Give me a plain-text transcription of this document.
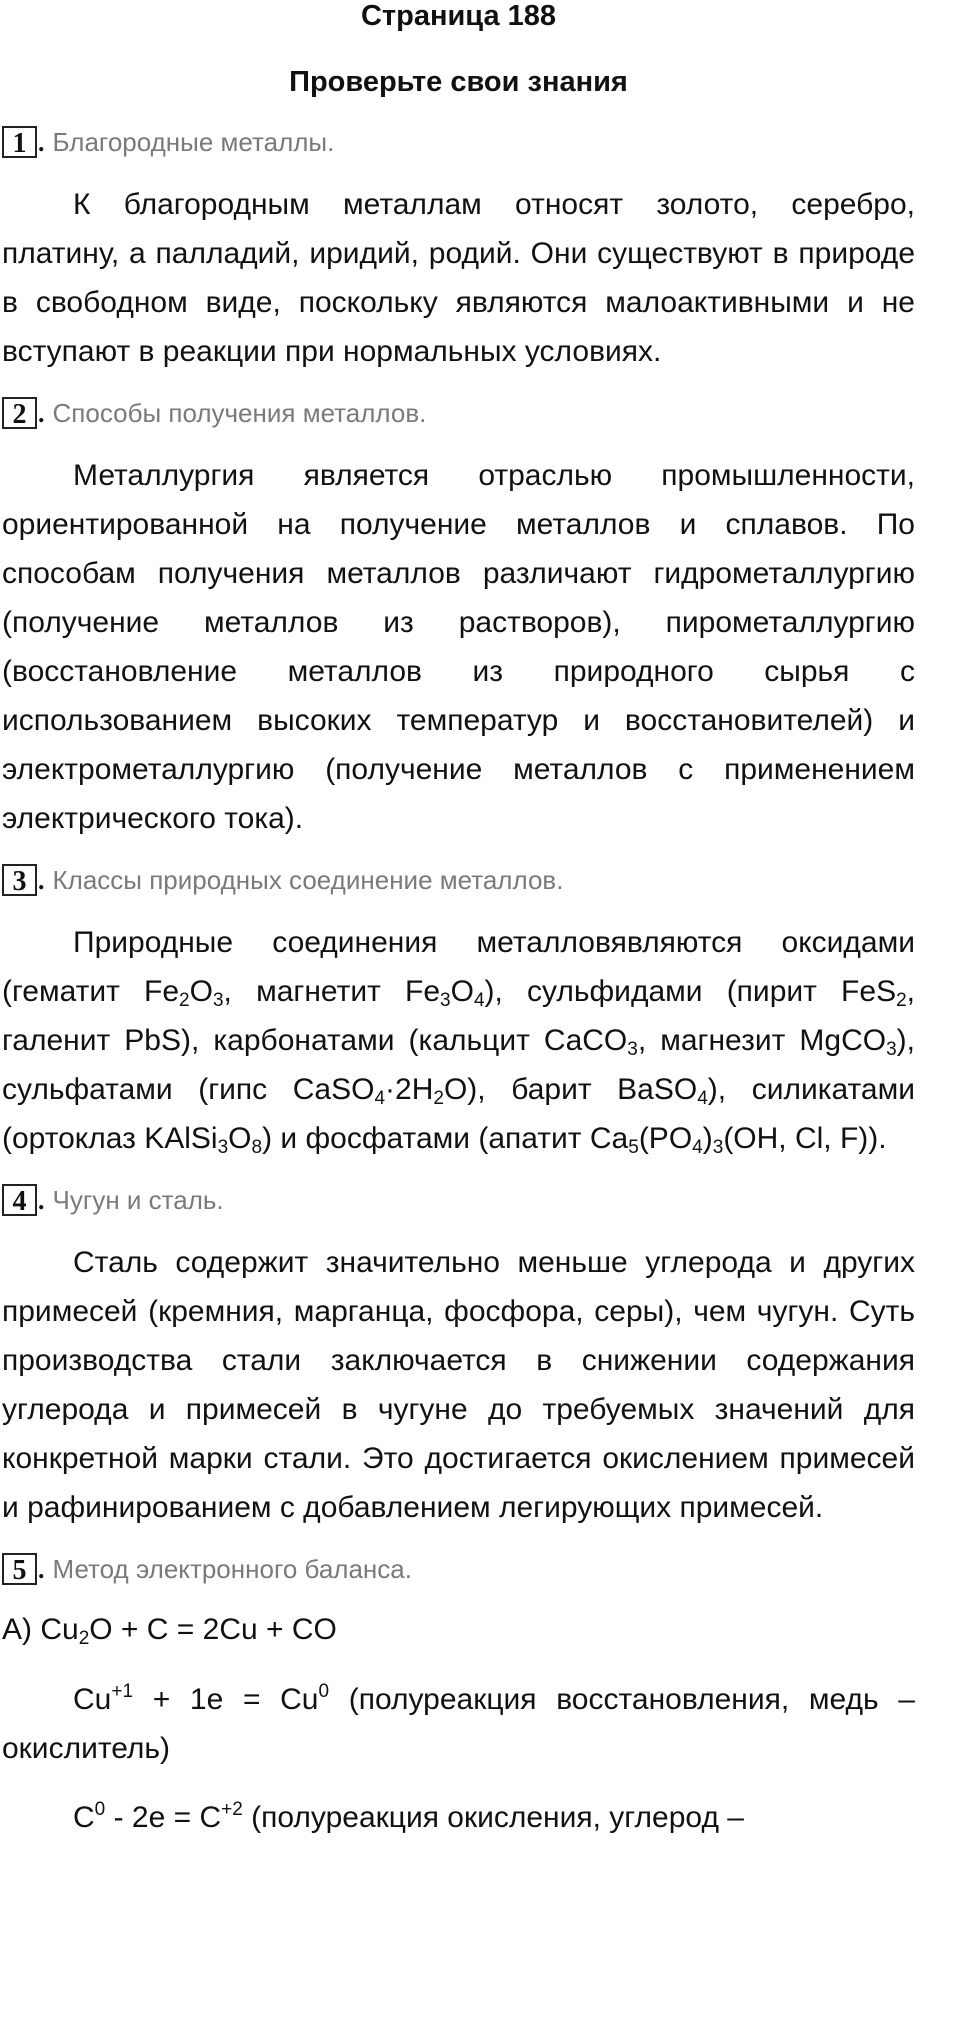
Страница 188
Проверьте свои знания
1 . Благородные металлы.

К благородным металлам относят золото, серебро, платину, а палладий, иридий, родий. Они существуют в природе в свободном виде, поскольку являются малоактивными и не вступают в реакции при нормальных условиях.

2 . Способы получения металлов.

Металлургия является отраслью промышленности, ориентированной на получение металлов и сплавов. По способам получения металлов различают гидрометаллургию (получение металлов из растворов), пирометаллургию (восстановление металлов из природного сырья с использованием высоких температур и восстановителей) и электрометаллургию (получение металлов с применением электрического тока).

3 . Классы природных соединение металлов.

Природные соединения металловявляются оксидами (гематит $Fe_2O_3$, магнетит $Fe_3O_4$), сульфидами (пирит FeS$_2$, галенит PbS), карбонатами (кальцит CaCO$_3$, магнезит MgCO$_3$), сульфатами (гипс $CaSO_4\cdot 2H_2O$), барит BaSO$_4$), силикатами (ортоклаз $KAlSi_3O_8$) и фосфатами (апатит $Ca_5(PO_4)_3(OH$, Cl, F)).

4 . Чугун и сталь.

Сталь содержит значительно меньше углерода и других примесей (кремния, марганца, фосфора, серы), чем чугун. Суть производства стали заключается в снижении содержания углерода и примесей в чугуне до требуемых значений для конкретной марки стали. Это достигается окислением примесей и рафинированием с добавлением легирующих примесей.

5 . Метод электронного баланса.

А) $Cu_2O + C = 2Cu$ + CO

$Cu^{+1} + 1e = Cu^0$ (полуреакция восстановления, медь – окислитель)

$C^0 - 2e = C^{+2}$ (полуреакция окисления, углерод –
